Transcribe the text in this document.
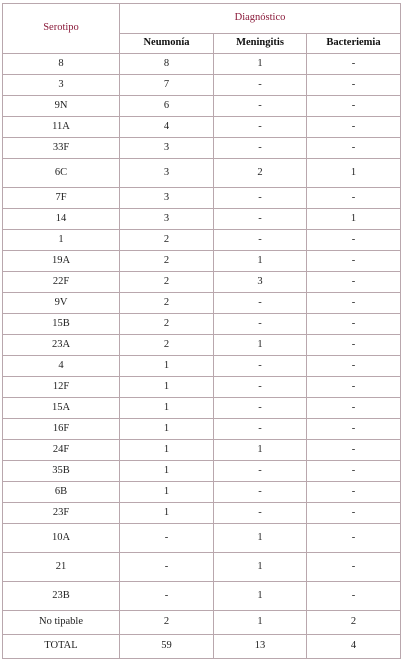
Serotipo	Diagnóstico		
	Neumonía	Meningitis	Bacteriemia
8	8	1	-
3	7	-	-
9N	6	-	-
11A	4	-	-
33F	3	-	-
6C	3	2	1
7F	3	-	-
14	3	-	1
1	2	-	-
19A	2	1	-
22F	2	3	-
9V	2	-	-
15B	2	-	-
23A	2	1	-
4	1	-	-
12F	1	-	-
15A	1	-	-
16F	1	-	-
24F	1	1	-
35B	1	-	-
6B	1	-	-
23F	1	-	-
10A	-	1	-
21	-	1	-
23B	-	1	-
No tipable	2	1	2
TOTAL	59	13	4
